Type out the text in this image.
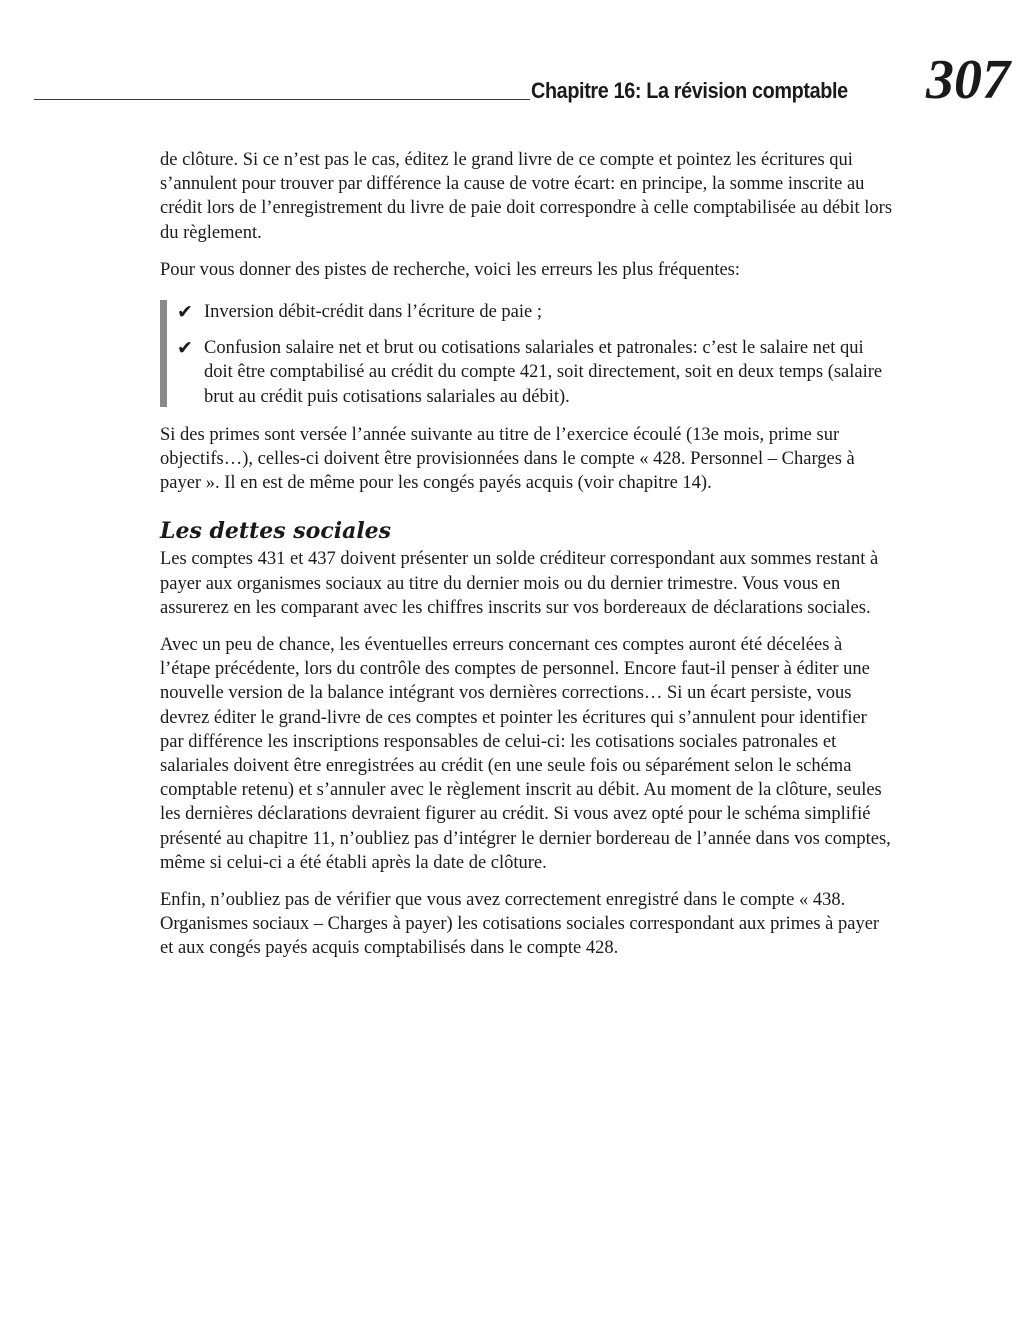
Chapitre 16: La révision comptable 307

de clôture. Si ce n’est pas le cas, éditez le grand livre de ce compte et pointez les écritures qui s’annulent pour trouver par différence la cause de votre écart: en principe, la somme inscrite au crédit lors de l’enregistrement du livre de paie doit correspondre à celle comptabilisée au débit lors du règlement.

Pour vous donner des pistes de recherche, voici les erreurs les plus fréquentes:

✔ Inversion débit-crédit dans l’écriture de paie ;
✔ Confusion salaire net et brut ou cotisations salariales et patronales: c’est le salaire net qui doit être comptabilisé au crédit du compte 421, soit directement, soit en deux temps (salaire brut au crédit puis cotisations salariales au débit).

Si des primes sont versée l’année suivante au titre de l’exercice écoulé (13e mois, prime sur objectifs…), celles-ci doivent être provisionnées dans le compte « 428. Personnel – Charges à payer ». Il en est de même pour les congés payés acquis (voir chapitre 14).

Les dettes sociales

Les comptes 431 et 437 doivent présenter un solde créditeur correspondant aux sommes restant à payer aux organismes sociaux au titre du dernier mois ou du dernier trimestre. Vous vous en assurerez en les comparant avec les chiffres inscrits sur vos bordereaux de déclarations sociales.

Avec un peu de chance, les éventuelles erreurs concernant ces comptes auront été décelées à l’étape précédente, lors du contrôle des comptes de personnel. Encore faut-il penser à éditer une nouvelle version de la balance intégrant vos dernières corrections… Si un écart persiste, vous devrez éditer le grand-livre de ces comptes et pointer les écritures qui s’annulent pour identifier par différence les inscriptions responsables de celui-ci: les cotisations sociales patronales et salariales doivent être enregistrées au crédit (en une seule fois ou séparément selon le schéma comptable retenu) et s’annuler avec le règlement inscrit au débit. Au moment de la clôture, seules les dernières déclarations devraient figurer au crédit. Si vous avez opté pour le schéma simplifié présenté au chapitre 11, n’oubliez pas d’intégrer le dernier bordereau de l’année dans vos comptes, même si celui-ci a été établi après la date de clôture.

Enfin, n’oubliez pas de vérifier que vous avez correctement enregistré dans le compte « 438. Organismes sociaux – Charges à payer) les cotisations sociales correspondant aux primes à payer et aux congés payés acquis comptabilisés dans le compte 428.
